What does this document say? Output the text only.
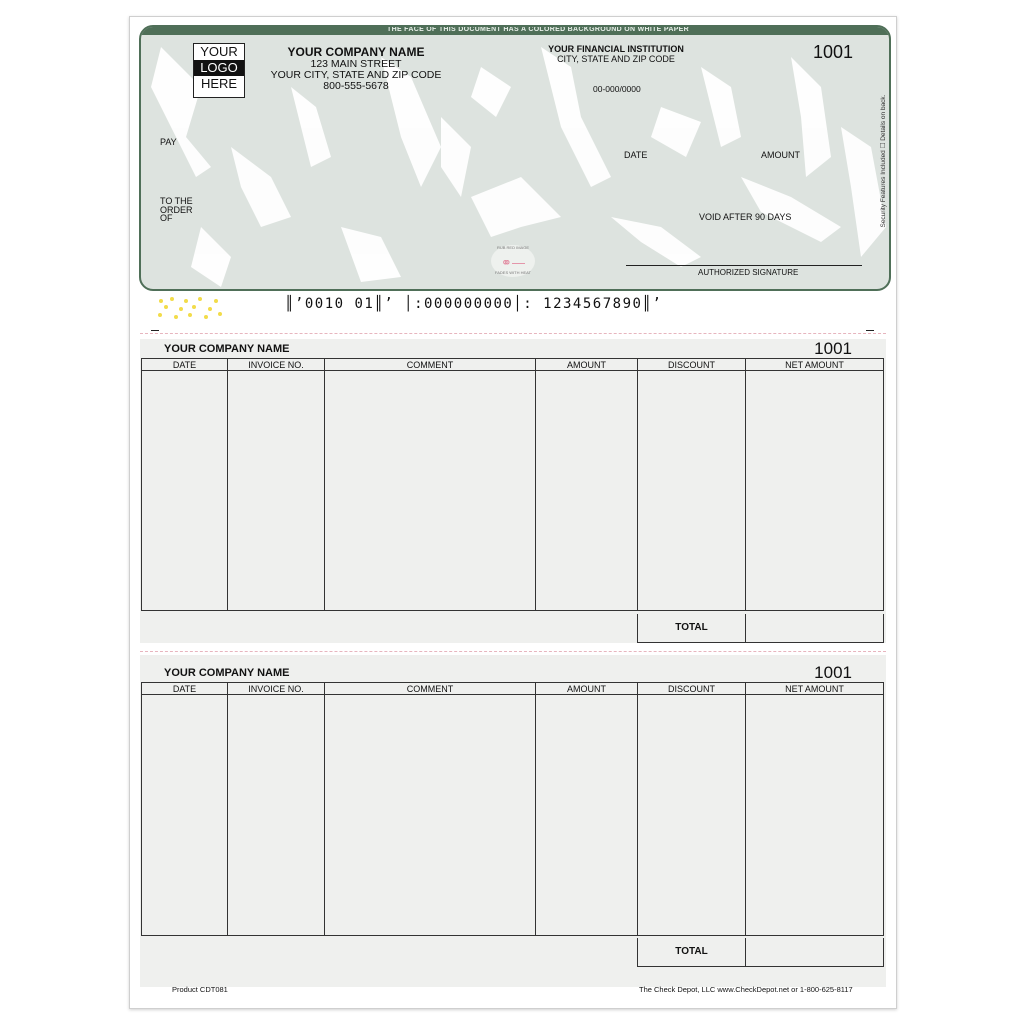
THE FACE OF THIS DOCUMENT HAS A COLORED BACKGROUND ON WHITE PAPER
YOUR
LOGO
HERE
YOUR COMPANY NAME
123 MAIN STREET
YOUR CITY, STATE AND ZIP CODE
800-555-5678
YOUR FINANCIAL INSTITUTION
CITY, STATE AND ZIP CODE
00-000/0000
1001
PAY
TO THE
ORDER
OF
DATE	AMOUNT
VOID AFTER 90 DAYS
RUB RED IMAGE
⚭—
FADES WITH HEAT	AUTHORIZED SIGNATURE
Security Features Included ☐ Details on back.
║’0010 01║’ │:000000000│: 1234567890║’
YOUR COMPANY NAME	1001
DATE	INVOICE NO.	COMMENT	AMOUNT	DISCOUNT	NET AMOUNT

TOTAL
YOUR COMPANY NAME	1001
DATE	INVOICE NO.	COMMENT	AMOUNT	DISCOUNT	NET AMOUNT

TOTAL
Product CDT081	The Check Depot, LLC www.CheckDepot.net or 1-800-625-8117
